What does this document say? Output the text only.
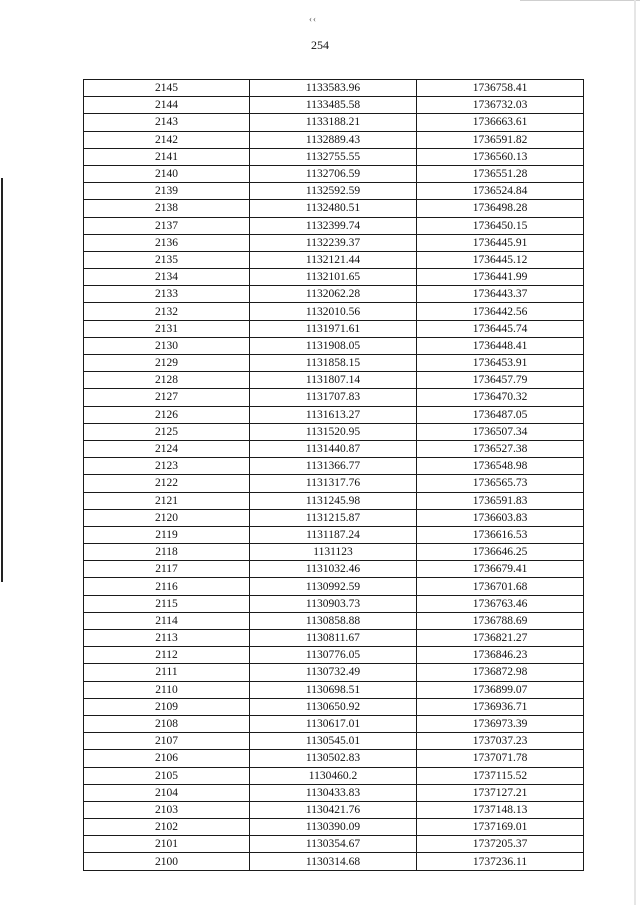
‹‹
254
2145	1133583.96	1736758.41
2144	1133485.58	1736732.03
2143	1133188.21	1736663.61
2142	1132889.43	1736591.82
2141	1132755.55	1736560.13
2140	1132706.59	1736551.28
2139	1132592.59	1736524.84
2138	1132480.51	1736498.28
2137	1132399.74	1736450.15
2136	1132239.37	1736445.91
2135	1132121.44	1736445.12
2134	1132101.65	1736441.99
2133	1132062.28	1736443.37
2132	1132010.56	1736442.56
2131	1131971.61	1736445.74
2130	1131908.05	1736448.41
2129	1131858.15	1736453.91
2128	1131807.14	1736457.79
2127	1131707.83	1736470.32
2126	1131613.27	1736487.05
2125	1131520.95	1736507.34
2124	1131440.87	1736527.38
2123	1131366.77	1736548.98
2122	1131317.76	1736565.73
2121	1131245.98	1736591.83
2120	1131215.87	1736603.83
2119	1131187.24	1736616.53
2118	1131123	1736646.25
2117	1131032.46	1736679.41
2116	1130992.59	1736701.68
2115	1130903.73	1736763.46
2114	1130858.88	1736788.69
2113	1130811.67	1736821.27
2112	1130776.05	1736846.23
2111	1130732.49	1736872.98
2110	1130698.51	1736899.07
2109	1130650.92	1736936.71
2108	1130617.01	1736973.39
2107	1130545.01	1737037.23
2106	1130502.83	1737071.78
2105	1130460.2	1737115.52
2104	1130433.83	1737127.21
2103	1130421.76	1737148.13
2102	1130390.09	1737169.01
2101	1130354.67	1737205.37
2100	1130314.68	1737236.11
